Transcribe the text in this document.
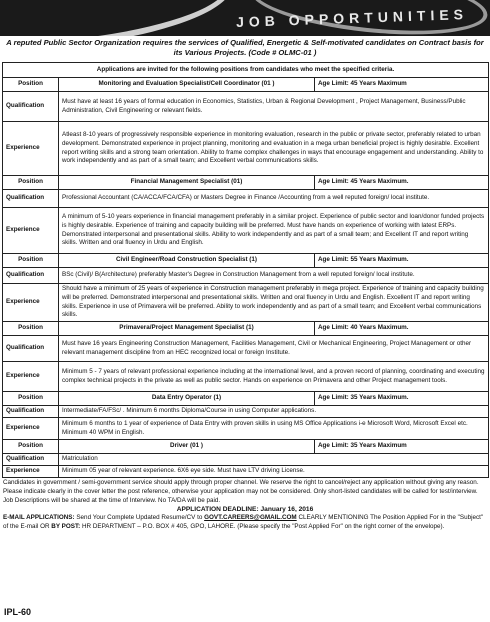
JOB OPPORTUNITIES
A reputed Public Sector Organization requires the services of Qualified, Energetic & Self-motivated candidates on Contract basis for its Various Projects. (Code # OLMC-01 )
Applications are invited for the following positions from candidates who meet the specified criteria.		
Position	Monitoring and Evaluation Specialist/Cell Coordinator (01 )	Age Limit: 45 Years Maximum
Qualification	Must have at least 16 years of formal education in Economics, Statistics, Urban & Regional Development , Project Management, Business/Public Administration, Civil Engineering or relevant fields.	
Experience	Atleast 8-10 years of progressively responsible experience in monitoring evaluation, research in the public or private sector, preferably related to urban development. Demonstrated experience in project planning, monitoring and evaluation in a mega urban beneficial project is highly desirable. Excellent report writing skills and a strong team orientation. Ability to frame complex challenges in ways that encourage engagement and understanding. Ability to work independently and as part of a small team; and Excellent verbal communications skills.	
Position	Financial Management Specialist (01)	Age Limit: 45 Years Maximum.
Qualification	Professional Accountant (CA/ACCA/FCA/CFA) or Masters Degree in Finance /Accounting from a well reputed foreign/ local institute.	
Experience	A minimum of 5-10 years experience in financial management preferably in a similar project. Experience of public sector and loan/donor funded projects is highly desirable. Experience of training and capacity building will be preferred. Must have hands on experience of working with latest ERPs. Demonstrated interpersonal and presentational skills. Ability to work independently and as part of a small team; and Excellent IT and report writing skills. Written and oral fluency in Urdu and English.	
Position	Civil Engineer/Road Construction Specialist (1)	Age Limit: 55 Years Maximum.
Qualification	BSc (Civil)/ B(Architecture) preferably Master's Degree in Construction Management from a well reputed foreign/ local institute.	
Experience	Should have a minimum of 25 years of experience in Construction management preferably in mega project. Experience of training and capacity building will be preferred. Demonstrated interpersonal and presentational skills. Written and oral fluency in Urdu and English. Excellent IT and report writing skills. Experience in use of Primavera will be preferred. Ability to work independently and as part of a small team; and Excellent verbal communications skills.	
Position	Primavera/Project Management Specialist (1)	Age Limit: 40 Years Maximum.
Qualification	Must have 16 years Engineering Construction Management, Facilities Management, Civil or Mechanical Engineering, Project Management or other relevant management discipline from an HEC recognized local or foreign Institute.	
Experience	Minimum 5 - 7 years of relevant professional experience including at the international level, and a proven record of planning, coordinating and executing complex technical projects in the private as well as public sector. Hands on experience on Primavera and other Project management tools.	
Position	Data Entry Operator (1)	Age Limit: 35 Years Maximum.
Qualification	Intermediate/FA/FSc/ . Minimum 6 months Diploma/Course in using Computer applications.	
Experience	Minimum 6 months to 1 year of experience of Data Entry with proven skills in using MS Office Applications i-e Microsoft Word, Microsoft Excel etc. Minimum 40 WPM in English.	
Position	Driver (01 )	Age Limit: 35 Years Maximum
Qualification	Matriculation	
Experience	Minimum 05 year of relevant experience. 6X6 eye side. Must have LTV driving License.	
Candidates in government / semi-government service should apply through proper channel. We reserve the right to cancel/reject any application without giving any reason. Please indicate clearly in the cover letter the post reference, otherwise your application may not be considered. Only short-listed candidates will be called for test/interview. Job Descriptions will be shared at the time of Interview. No TA/DA will be paid.
APPLICATION DEADLINE: January 16, 2016
E-MAIL APPLICATIONS: Send Your Complete Updated Resume/CV to GOVT.CAREERS@GMAIL.COM CLEARLY MENTIONING The Position Applied For in the "Subject" of the E-mail OR BY POST: HR DEPARTMENT – P.O. BOX # 405, GPO, LAHORE. (Please specify the "Post Applied For" on the right corner of the envelope).
IPL-60
